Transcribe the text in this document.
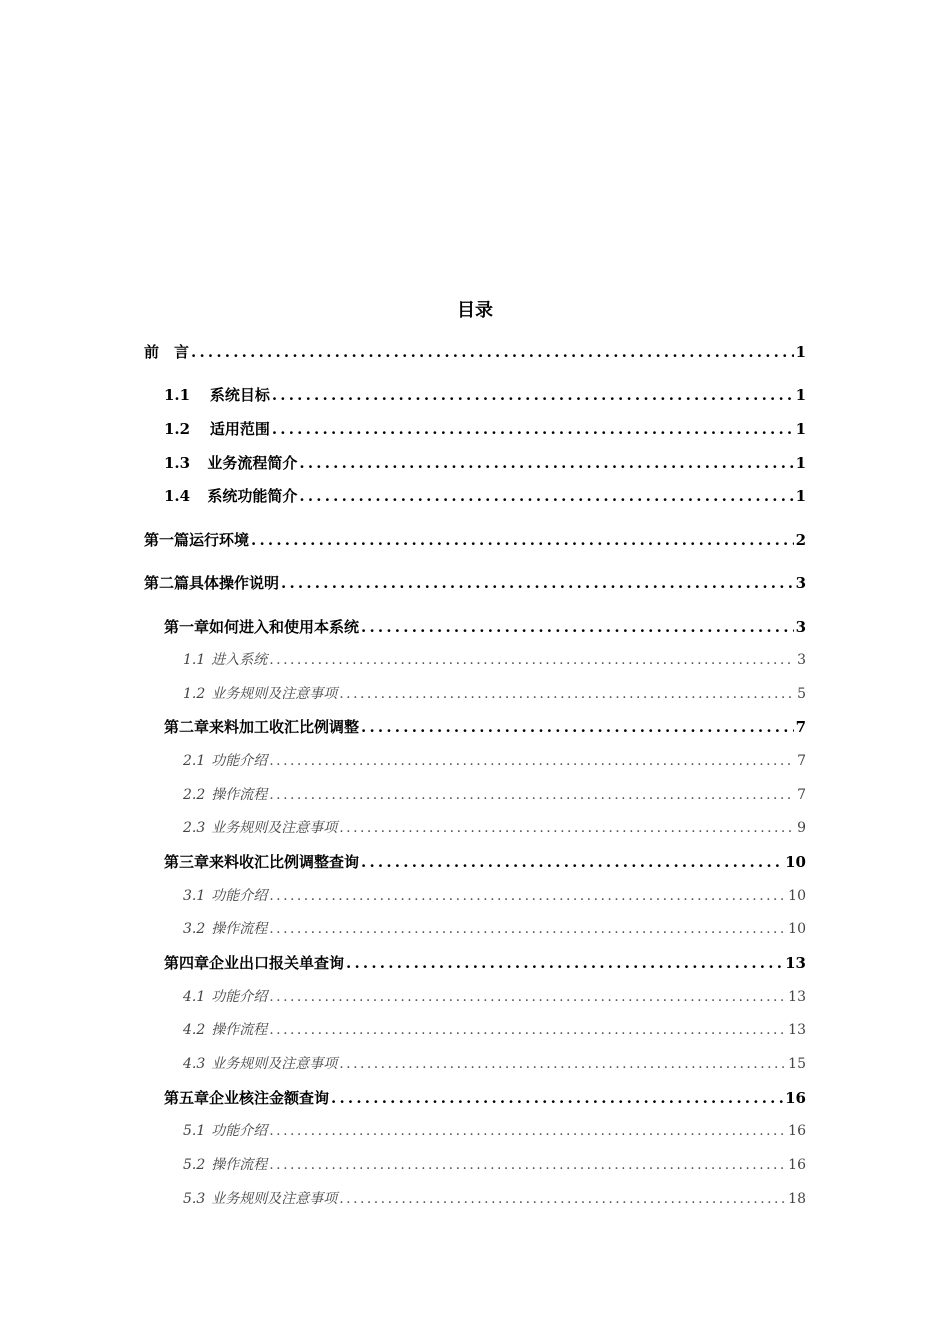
目录
前　言 . . .	1
1.1	系统目标 . . .	1
1.2	适用范围 . . .	1
1.3	业务流程简介 . . .	1
1.4	系统功能简介 . . .	1
第一篇 运行环境 . . .	2
第二篇 具体操作说明 . . .	3
第一章 如何进入和使用本系统 . . .	3
1.1 进入系统 . . .	3
1.2 业务规则及注意事项 . . .	5
第二章 来料加工收汇比例调整 . . .	7
2.1 功能介绍 . . .	7
2.2 操作流程 . . .	7
2.3 业务规则及注意事项 . . .	9
第三章 来料收汇比例调整查询 . . .	10
3.1 功能介绍 . . .	10
3.2 操作流程 . . .	10
第四章 企业出口报关单查询 . . .	13
4.1 功能介绍 . . .	13
4.2 操作流程 . . .	13
4.3 业务规则及注意事项 . . .	15
第五章 企业核注金额查询 . . .	16
5.1 功能介绍 . . .	16
5.2 操作流程 . . .	16
5.3 业务规则及注意事项 . . .	18
